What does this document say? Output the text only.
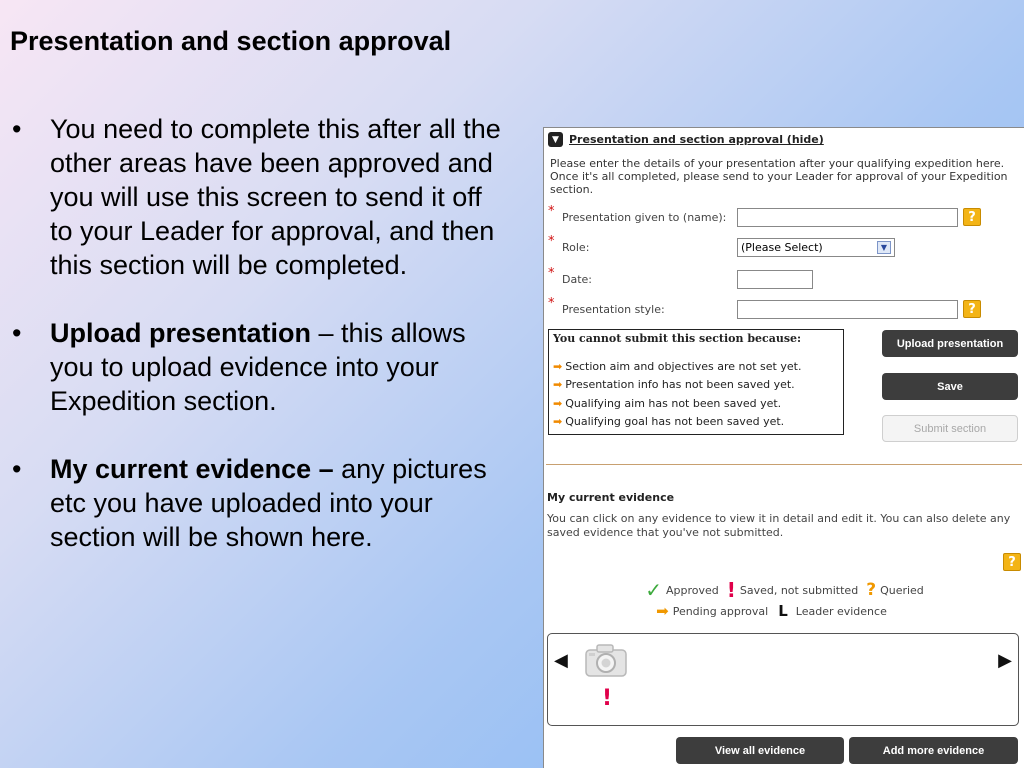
Presentation and section approval
• You need to complete this after all the other areas have been approved and you will use this screen to send it off to your Leader for approval, and then this section will be completed.
• Upload presentation – this allows you to upload evidence into your Expedition section.
• My current evidence – any pictures etc you have uploaded into your section will be shown here.
▼ Presentation and section approval (hide)
Please enter the details of your presentation after your qualifying expedition here. Once it's all completed, please send to your Leader for approval of your Expedition section.
* Presentation given to (name):	?
* Role:	(Please Select)	▼
* Date:
* Presentation style:	?
You cannot submit this section because:
➡ Section aim and objectives are not set yet.
➡ Presentation info has not been saved yet.
➡ Qualifying aim has not been saved yet.
➡ Qualifying goal has not been saved yet.
Upload presentation
Save
Submit section
My current evidence
You can click on any evidence to view it in detail and edit it. You can also delete any saved evidence that you've not submitted.
?
✓ Approved ! Saved, not submitted ? Queried
➡ Pending approval L Leader evidence
◀
!
▶
View all evidence	Add more evidence
